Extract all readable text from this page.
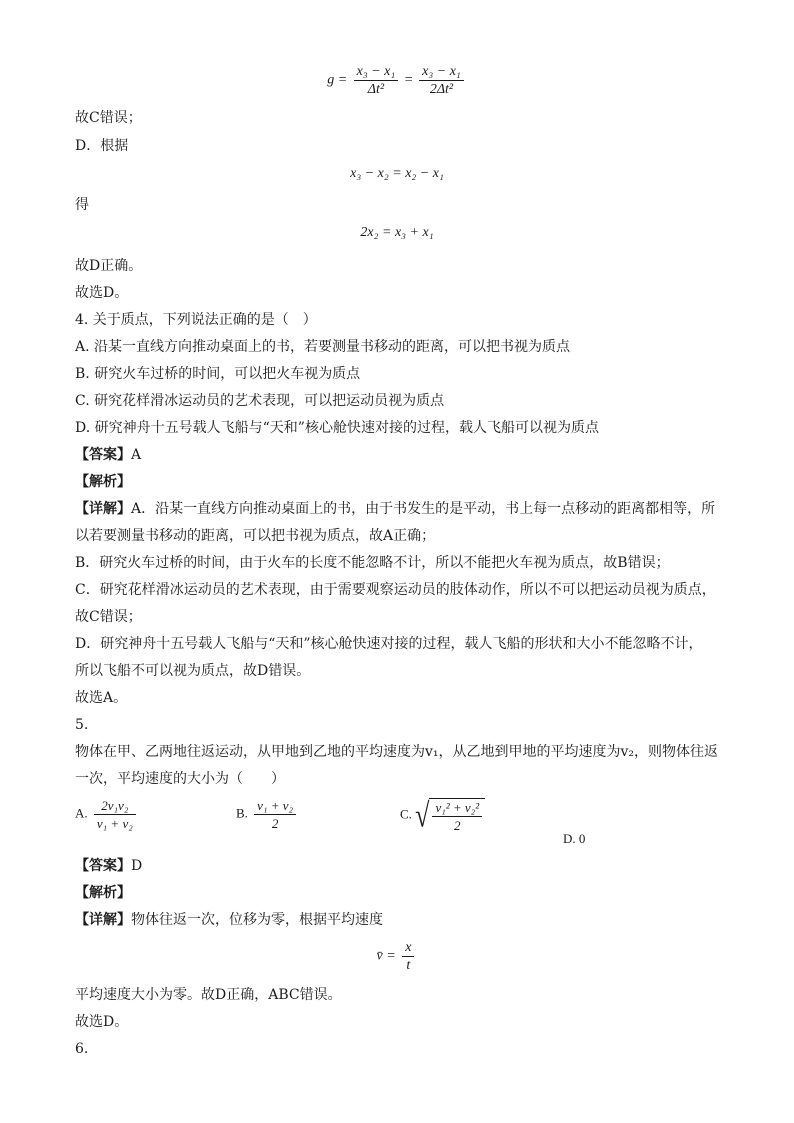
$g = \frac{\text{x₃ − x₁}}{\text{Δt²}} = \frac{\text{x₃ − x₁}}{\text{2Δt²}}$
故C错误；
D．根据
x₃ − x₂ = x₂ − x₁
得
2x₂ = x₃ + x₁
故D正确。
故选D。
4. 关于质点，下列说法正确的是（　）
A. 沿某一直线方向推动桌面上的书，若要测量书移动的距离，可以把书视为质点
B. 研究火车过桥的时间，可以把火车视为质点
C. 研究花样滑冰运动员的艺术表现，可以把运动员视为质点
D. 研究神舟十五号载人飞船与“天和”核心舱快速对接的过程，载人飞船可以视为质点
【答案】A
【解析】
【详解】A．沿某一直线方向推动桌面上的书，由于书发生的是平动，书上每一点移动的距离都相等，所
以若要测量书移动的距离，可以把书视为质点，故A正确；
B．研究火车过桥的时间，由于火车的长度不能忽略不计，所以不能把火车视为质点，故B错误；
C．研究花样滑冰运动员的艺术表现，由于需要观察运动员的肢体动作，所以不可以把运动员视为质点，
故C错误；
D．研究神舟十五号载人飞船与“天和”核心舱快速对接的过程，载人飞船的形状和大小不能忽略不计，
所以飞船不可以视为质点，故D错误。
故选A。
5.
物体在甲、乙两地往返运动，从甲地到乙地的平均速度为v₁，从乙地到甲地的平均速度为v₂，则物体往返
一次，平均速度的大小为（　　）
A. $\frac{\text{2v₁v₂}}{\text{v₁ + v₂}}$	B. $\frac{\text{v₁ + v₂}}{2}$	C. √ $\frac{\text{v₁² + v₂²}}{2}$
D. 0
【答案】D
【解析】
【详解】物体往返一次，位移为零，根据平均速度
v̄ = $\frac{x}{t}$
平均速度大小为零。故D正确，ABC错误。
故选D。
6.
